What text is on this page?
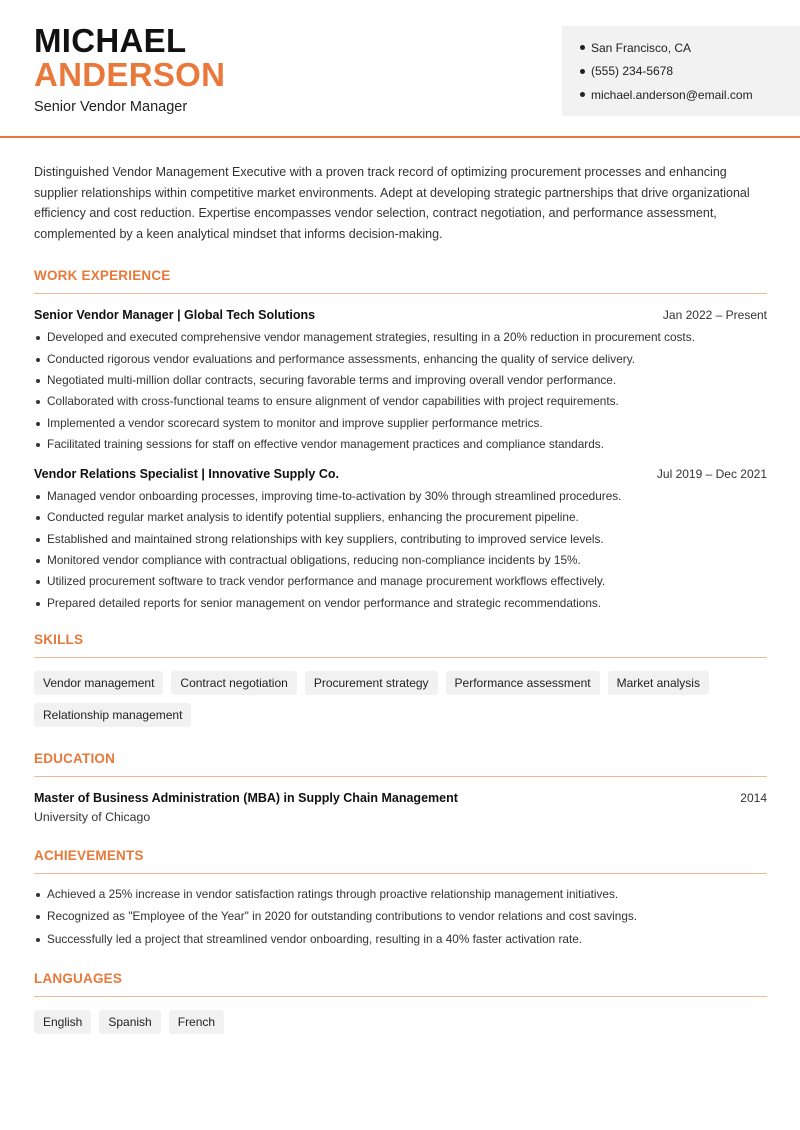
MICHAEL
ANDERSON
Senior Vendor Manager
San Francisco, CA
(555) 234-5678
michael.anderson@email.com

Distinguished Vendor Management Executive with a proven track record of optimizing procurement processes and enhancing supplier relationships within competitive market environments. Adept at developing strategic partnerships that drive organizational efficiency and cost reduction. Expertise encompasses vendor selection, contract negotiation, and performance assessment, complemented by a keen analytical mindset that informs decision-making.

WORK EXPERIENCE
Senior Vendor Manager | Global Tech Solutions	Jan 2022 – Present
Developed and executed comprehensive vendor management strategies, resulting in a 20% reduction in procurement costs.
Conducted rigorous vendor evaluations and performance assessments, enhancing the quality of service delivery.
Negotiated multi-million dollar contracts, securing favorable terms and improving overall vendor performance.
Collaborated with cross-functional teams to ensure alignment of vendor capabilities with project requirements.
Implemented a vendor scorecard system to monitor and improve supplier performance metrics.
Facilitated training sessions for staff on effective vendor management practices and compliance standards.
Vendor Relations Specialist | Innovative Supply Co.	Jul 2019 – Dec 2021
Managed vendor onboarding processes, improving time-to-activation by 30% through streamlined procedures.
Conducted regular market analysis to identify potential suppliers, enhancing the procurement pipeline.
Established and maintained strong relationships with key suppliers, contributing to improved service levels.
Monitored vendor compliance with contractual obligations, reducing non-compliance incidents by 15%.
Utilized procurement software to track vendor performance and manage procurement workflows effectively.
Prepared detailed reports for senior management on vendor performance and strategic recommendations.
SKILLS
Vendor management	Contract negotiation	Procurement strategy	Performance assessment	Market analysis
Relationship management
EDUCATION
Master of Business Administration (MBA) in Supply Chain Management	2014
University of Chicago
ACHIEVEMENTS
Achieved a 25% increase in vendor satisfaction ratings through proactive relationship management initiatives.
Recognized as "Employee of the Year" in 2020 for outstanding contributions to vendor relations and cost savings.
Successfully led a project that streamlined vendor onboarding, resulting in a 40% faster activation rate.
LANGUAGES
English	Spanish	French
